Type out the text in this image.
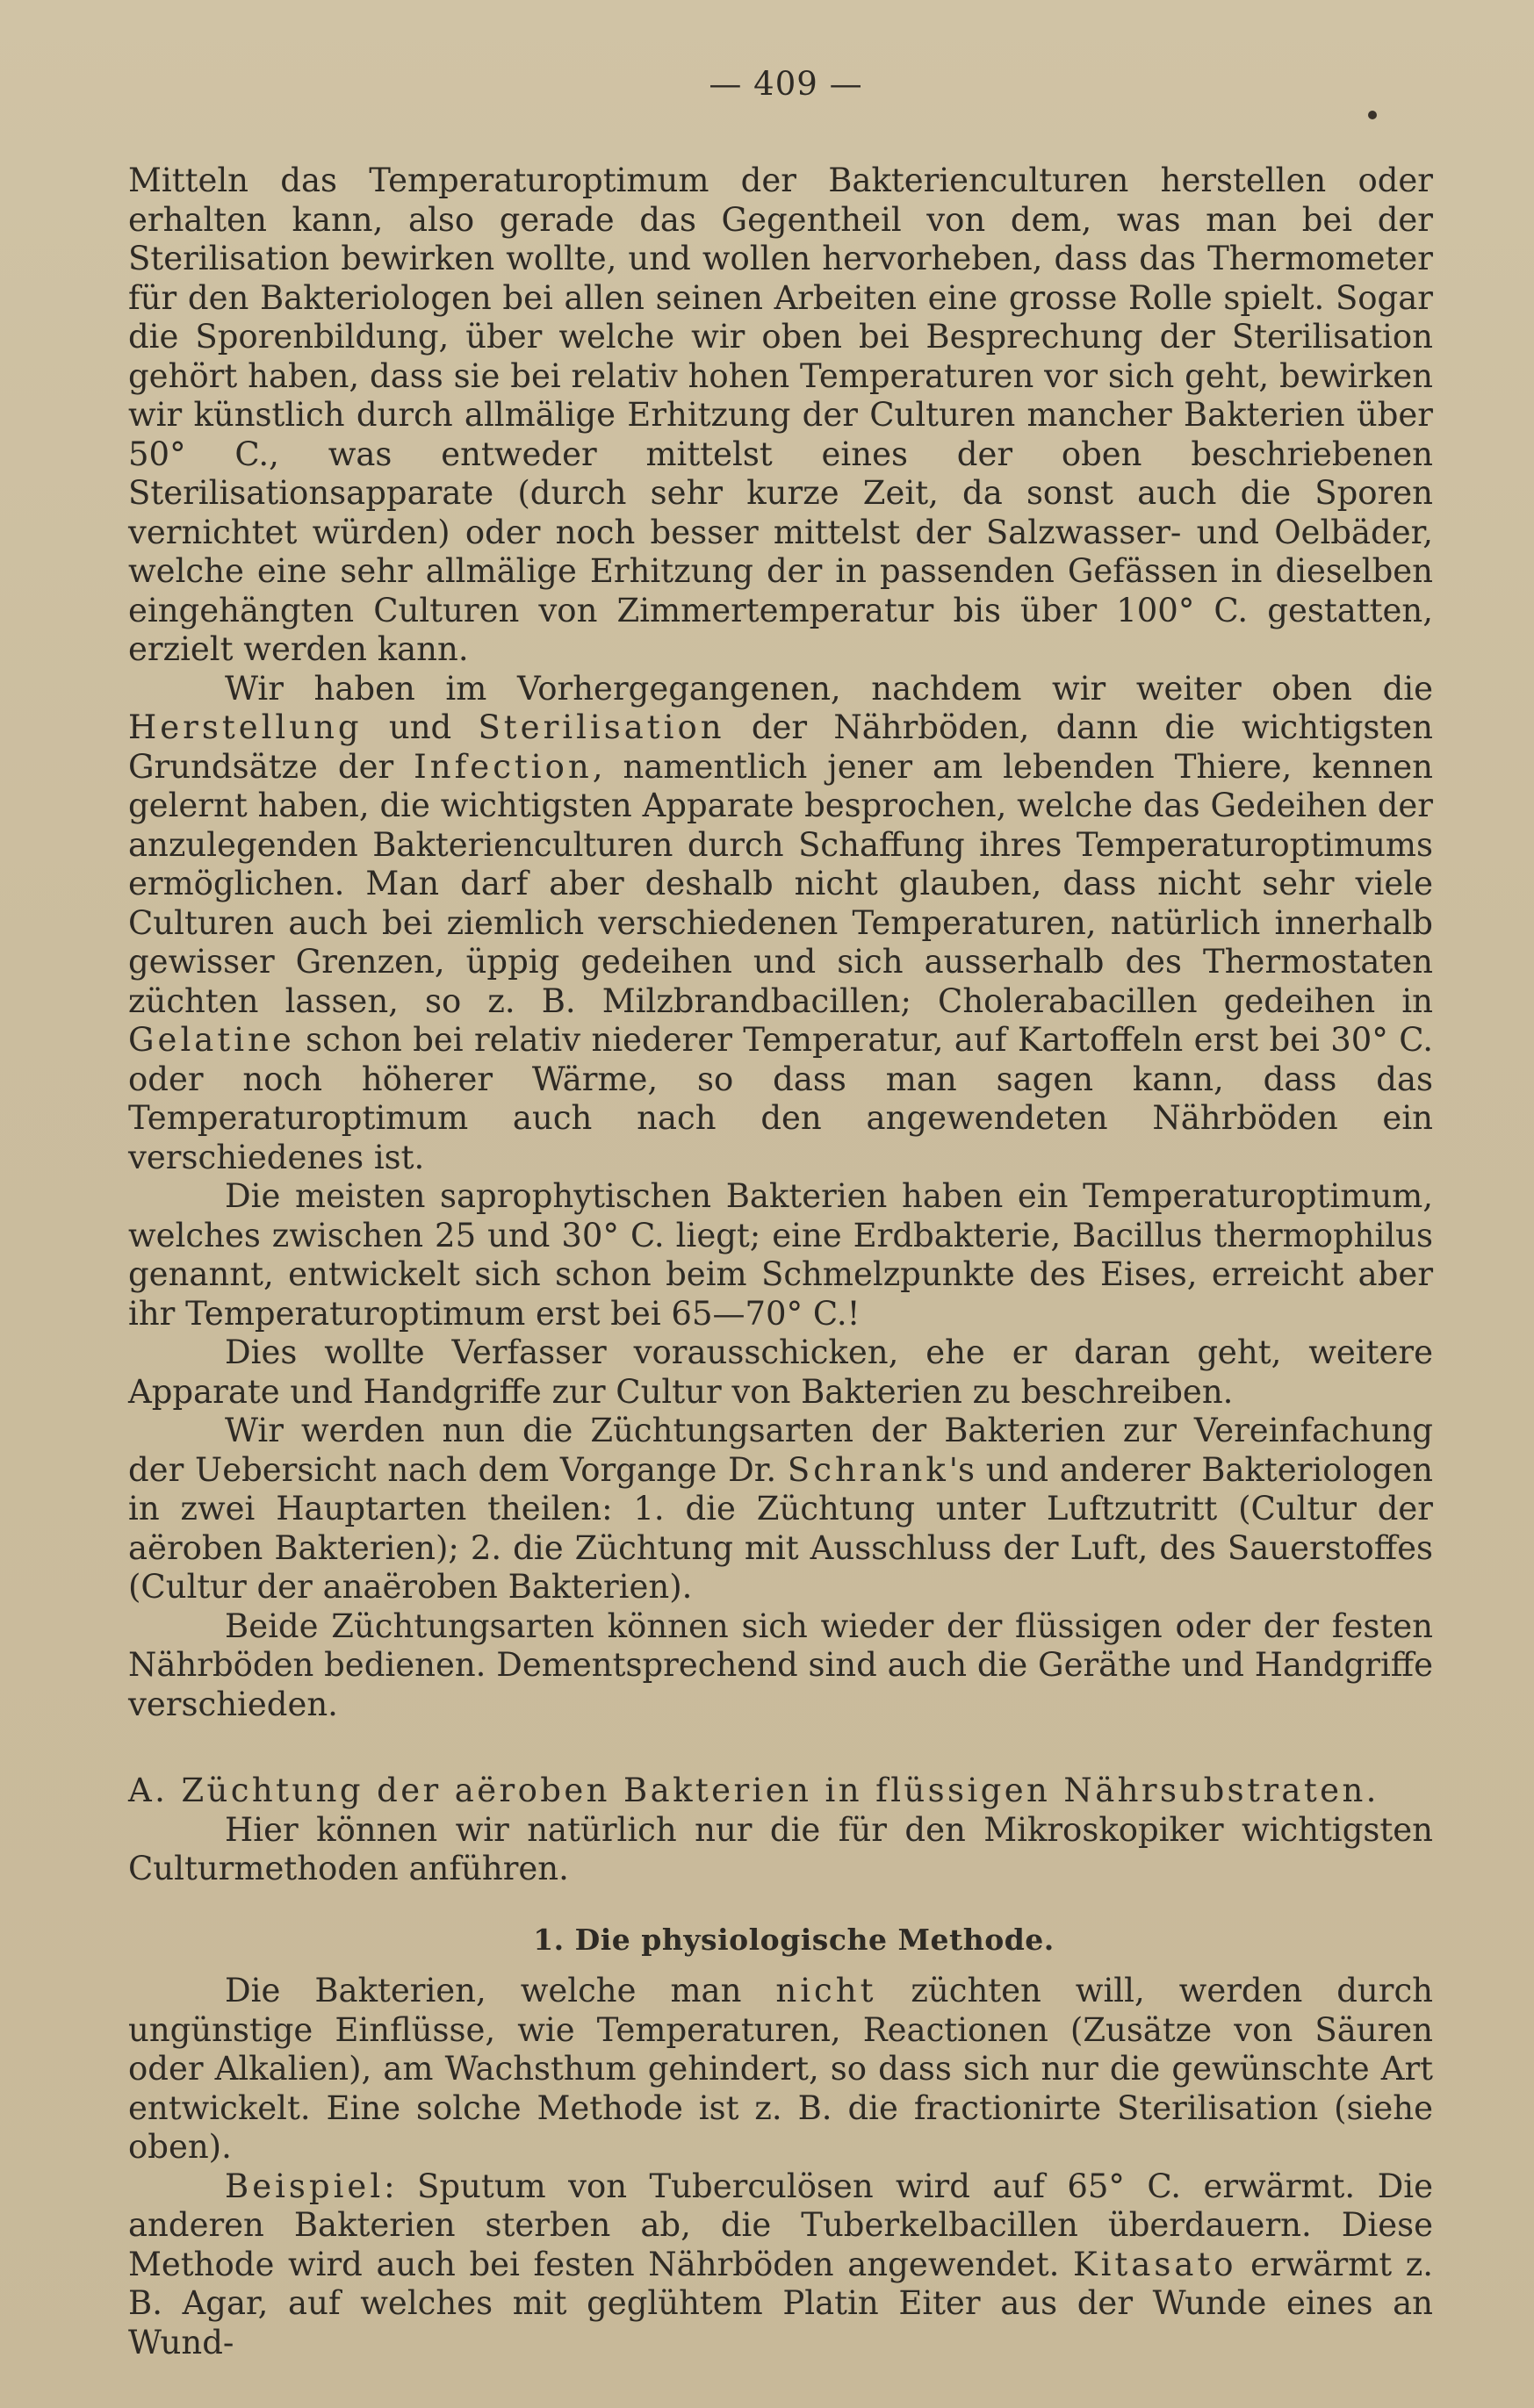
— 409 —

Mitteln das Temperaturoptimum der Bakterienculturen herstellen oder erhalten kann, also gerade das Gegentheil von dem, was man bei der Sterilisation bewirken wollte, und wollen hervorheben, dass das Thermometer für den Bakteriologen bei allen seinen Arbeiten eine grosse Rolle spielt. Sogar die Sporenbildung, über welche wir oben bei Besprechung der Sterilisation gehört haben, dass sie bei relativ hohen Temperaturen vor sich geht, bewirken wir künstlich durch allmälige Erhitzung der Culturen mancher Bakterien über 50° C., was entweder mittelst eines der oben beschriebenen Sterilisationsapparate (durch sehr kurze Zeit, da sonst auch die Sporen vernichtet würden) oder noch besser mittelst der Salzwasser- und Oelbäder, welche eine sehr allmälige Erhitzung der in passenden Gefässen in dieselben eingehängten Culturen von Zimmertemperatur bis über 100° C. gestatten, erzielt werden kann.

Wir haben im Vorhergegangenen, nachdem wir weiter oben die Herstellung und Sterilisation der Nährböden, dann die wichtigsten Grundsätze der Infection, namentlich jener am lebenden Thiere, kennen gelernt haben, die wichtigsten Apparate besprochen, welche das Gedeihen der anzulegenden Bakterienculturen durch Schaffung ihres Temperaturoptimums ermöglichen. Man darf aber deshalb nicht glauben, dass nicht sehr viele Culturen auch bei ziemlich verschiedenen Temperaturen, natürlich innerhalb gewisser Grenzen, üppig gedeihen und sich ausserhalb des Thermostaten züchten lassen, so z. B. Milzbrandbacillen; Cholerabacillen gedeihen in Gelatine schon bei relativ niederer Temperatur, auf Kartoffeln erst bei 30° C. oder noch höherer Wärme, so dass man sagen kann, dass das Temperaturoptimum auch nach den angewendeten Nährböden ein verschiedenes ist.

Die meisten saprophytischen Bakterien haben ein Temperaturoptimum, welches zwischen 25 und 30° C. liegt; eine Erdbakterie, Bacillus thermophilus genannt, entwickelt sich schon beim Schmelzpunkte des Eises, erreicht aber ihr Temperaturoptimum erst bei 65—70° C.!

Dies wollte Verfasser vorausschicken, ehe er daran geht, weitere Apparate und Handgriffe zur Cultur von Bakterien zu beschreiben.

Wir werden nun die Züchtungsarten der Bakterien zur Vereinfachung der Uebersicht nach dem Vorgange Dr. Schrank's und anderer Bakteriologen in zwei Hauptarten theilen: 1. die Züchtung unter Luftzutritt (Cultur der aëroben Bakterien); 2. die Züchtung mit Ausschluss der Luft, des Sauerstoffes (Cultur der anaëroben Bakterien).

Beide Züchtungsarten können sich wieder der flüssigen oder der festen Nährböden bedienen. Dementsprechend sind auch die Geräthe und Handgriffe verschieden.

A. Züchtung der aëroben Bakterien in flüssigen Nährsubstraten.

Hier können wir natürlich nur die für den Mikroskopiker wichtigsten Culturmethoden anführen.

1. Die physiologische Methode.

Die Bakterien, welche man nicht züchten will, werden durch ungünstige Einflüsse, wie Temperaturen, Reactionen (Zusätze von Säuren oder Alkalien), am Wachsthum gehindert, so dass sich nur die gewünschte Art entwickelt. Eine solche Methode ist z. B. die fractionirte Sterilisation (siehe oben).

Beispiel: Sputum von Tuberculösen wird auf 65° C. erwärmt. Die anderen Bakterien sterben ab, die Tuberkelbacillen überdauern. Diese Methode wird auch bei festen Nährböden angewendet. Kitasato erwärmt z. B. Agar, auf welches mit geglühtem Platin Eiter aus der Wunde eines an Wund-
